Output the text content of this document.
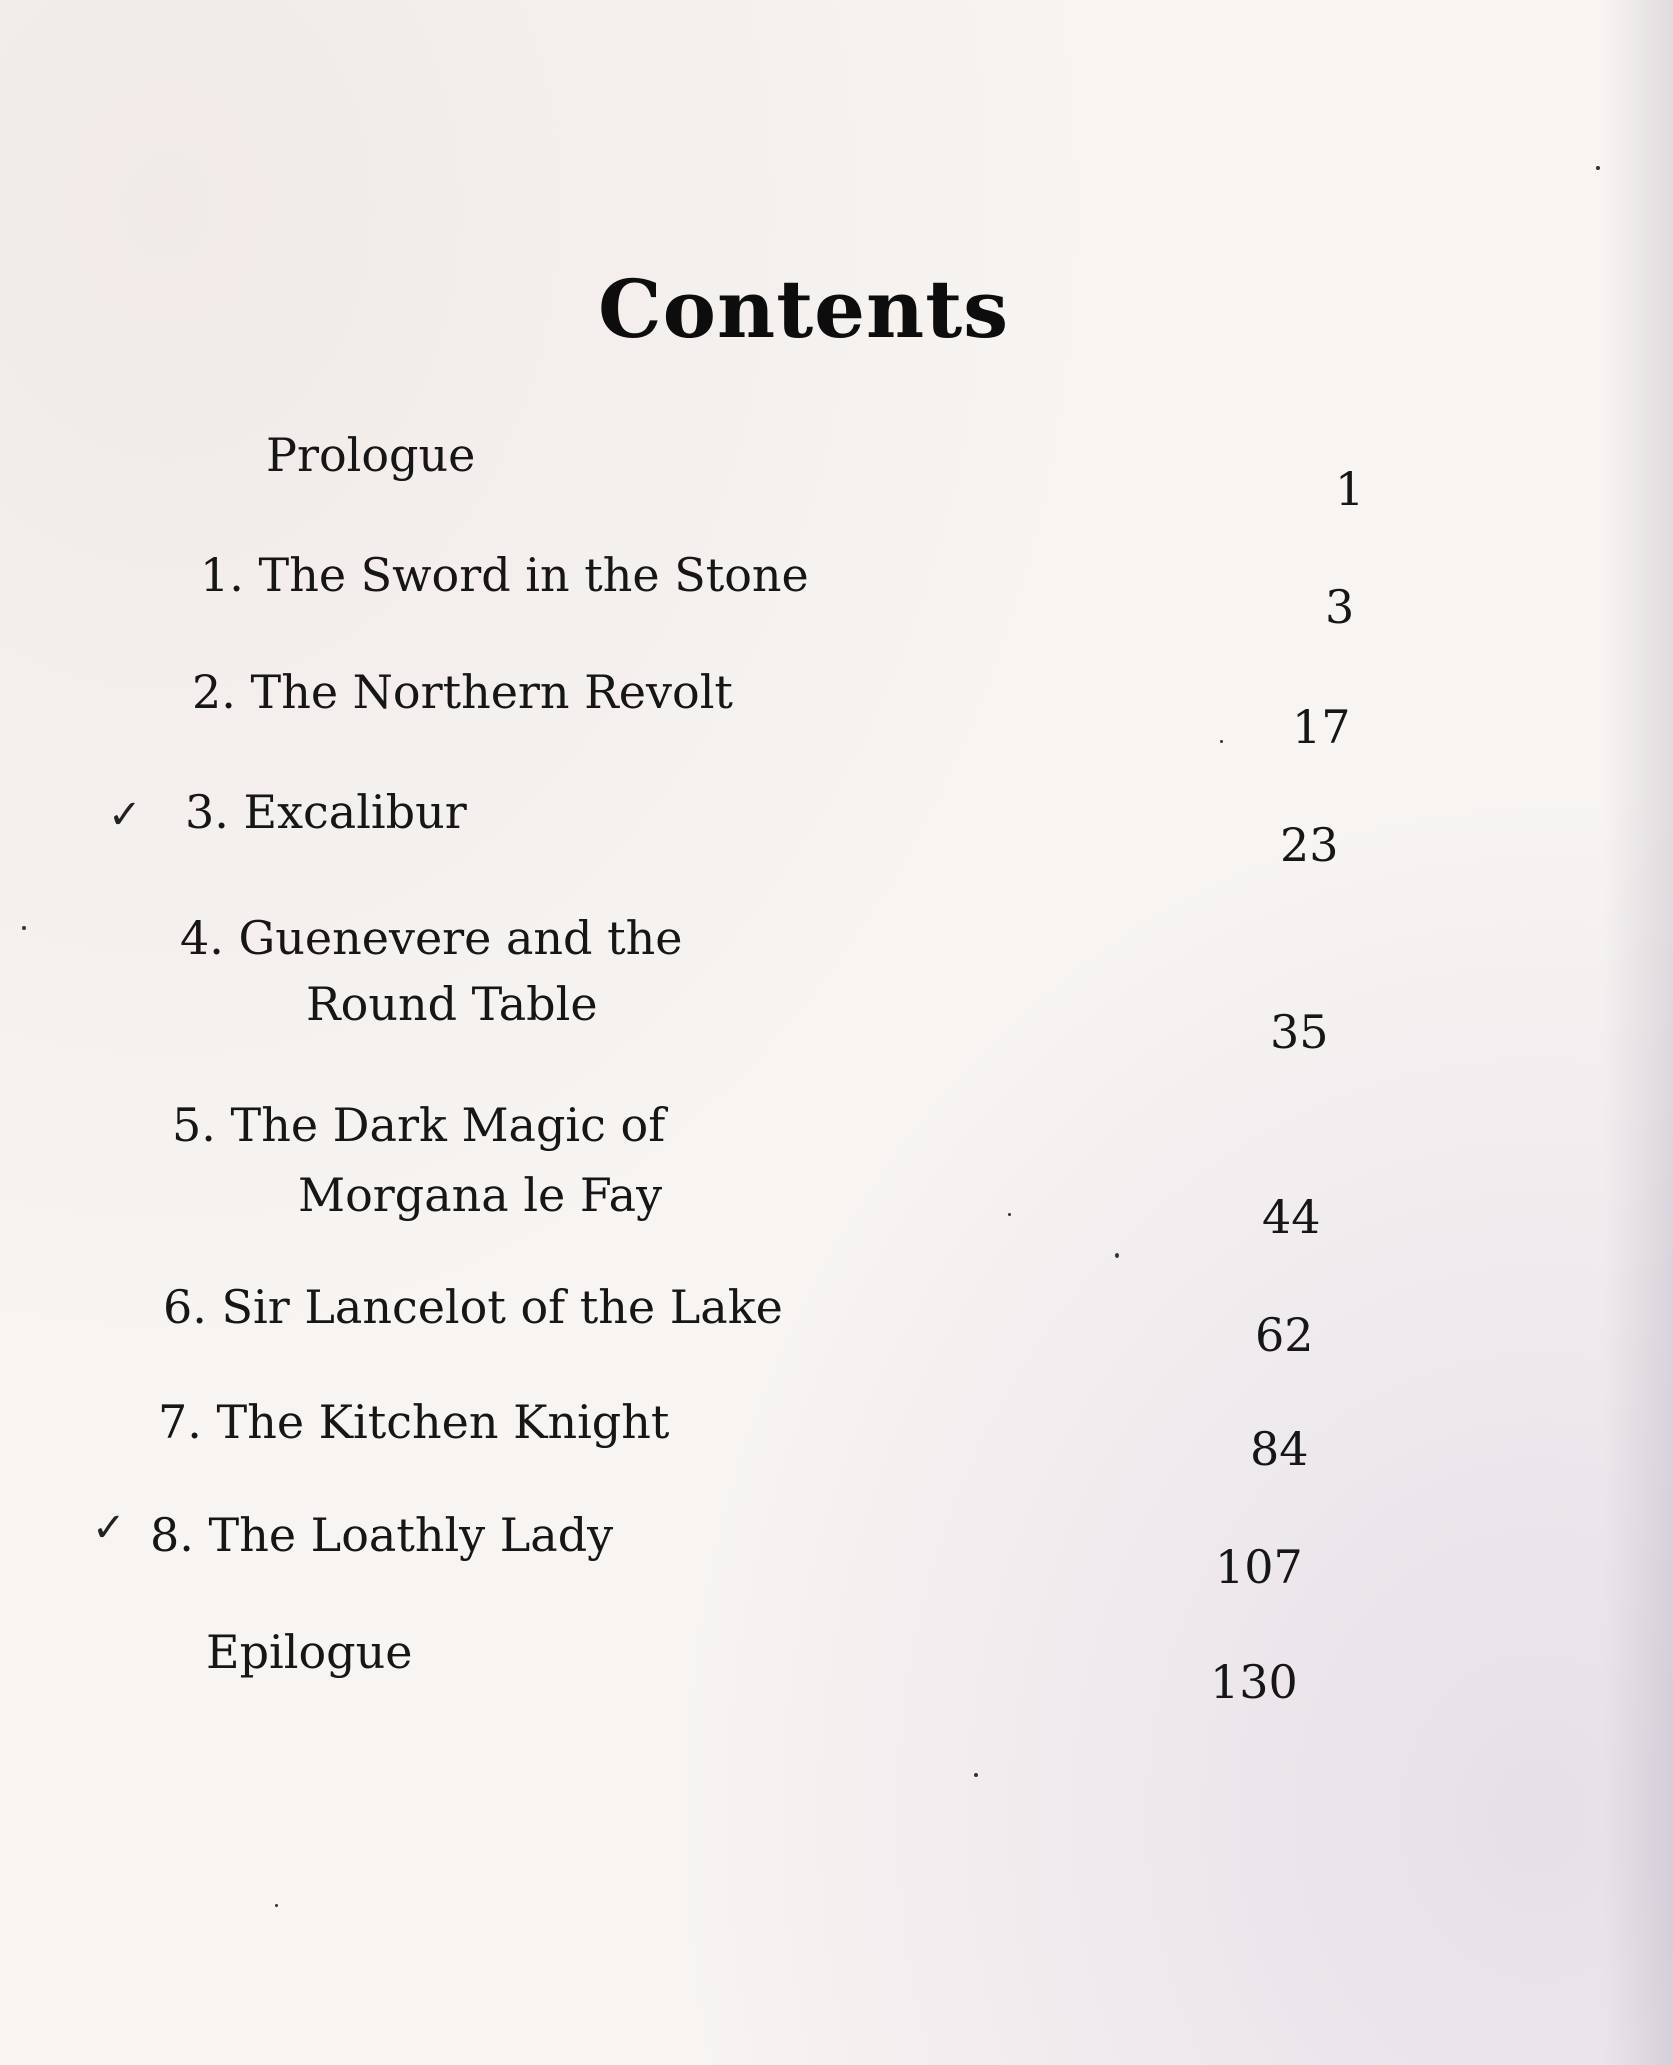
Contents
Prologue
1
1. The Sword in the Stone
3
2. The Northern Revolt
17
✓ 3. Excalibur
23
4. Guenevere and the
Round Table
35
5. The Dark Magic of
Morgana le Fay	44
6. Sir Lancelot of the Lake
62
7. The Kitchen Knight	84
✓ 8. The Loathly Lady
107
Epilogue
130
